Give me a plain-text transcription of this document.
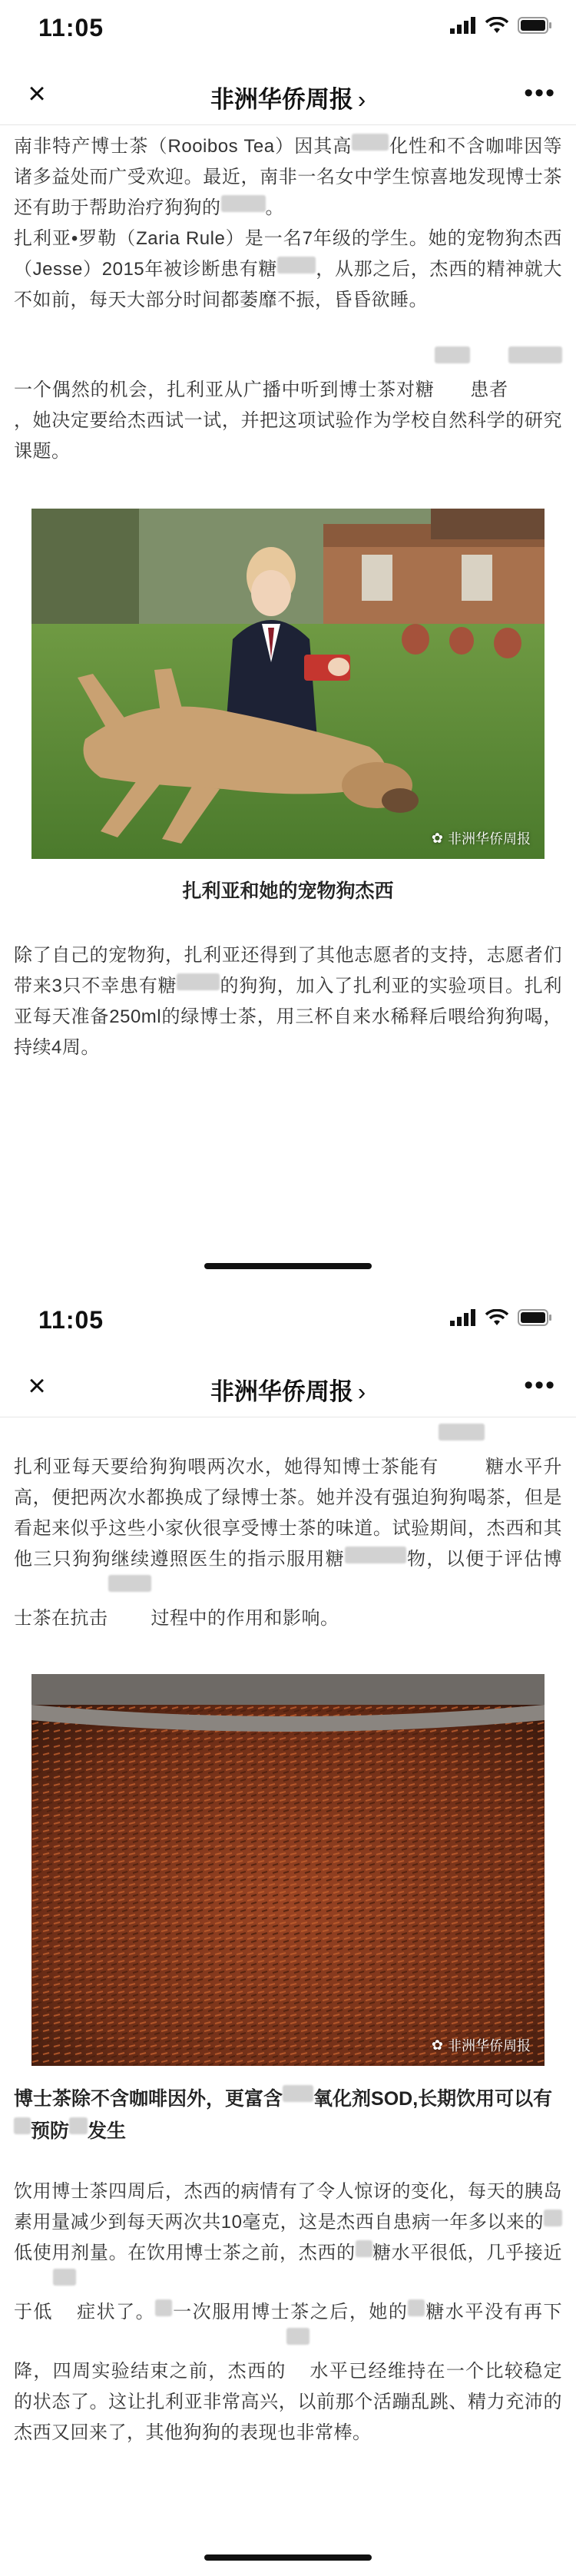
11:05
×	非洲华侨周报 ›	•••

南非特产博士茶（Rooibos Tea）因其高 化性和不含咖啡因等诸多益处而广受欢迎。最近，南非一名女中学生惊喜地发现博士茶还有助于帮助治疗狗狗的 。

扎利亚•罗勒（Zaria Rule）是一名7年级的学生。她的宠物狗杰西（Jesse）2015年被诊断患有糖 ，从那之后，杰西的精神就大不如前，每天大部分时间都萎靡不振，昏昏欲睡。

一个偶然的机会，扎利亚从广播中听到博士茶对糖 患者，她决定要给杰西试一试，并把这项试验作为学校自然科学的研究课题。

✿ 非洲华侨周报
扎利亚和她的宠物狗杰西

除了自己的宠物狗，扎利亚还得到了其他志愿者的支持，志愿者们带来3只不幸患有糖 的狗狗，加入了扎利亚的实验项目。扎利亚每天准备250ml的绿博士茶，用三杯自来水稀释后喂给狗狗喝，持续4周。

11:05
×	非洲华侨周报 ›	•••

扎利亚每天要给狗狗喂两次水，她得知博士茶能有	糖水平升高，便把两次水都换成了绿博士茶。她并没有强迫狗狗喝茶，但是看起来似乎这些小家伙很享受博士茶的味道。试验期间，杰西和其他三只狗狗继续遵照医生的指示服用糖	物，以便于评估博士茶在抗击 过程中的作用和影响。

✿ 非洲华侨周报
博士茶除不含咖啡因外，更富含 氧化剂SOD,长期饮用可以有预防 发生

饮用博士茶四周后，杰西的病情有了令人惊讶的变化，每天的胰岛素用量减少到每天两次共10毫克，这是杰西自患病一年多以来的低使用剂量。在饮用博士茶之前，杰西的 糖水平很低，几乎接近于低 症状了。 一次服用博士茶之后，她的 糖水平没有再下降，四周实验结束之前，杰西的 水平已经维持在一个比较稳定的状态了。这让扎利亚非常高兴，以前那个活蹦乱跳、精力充沛的杰西又回来了，其他狗狗的表现也非常棒。
